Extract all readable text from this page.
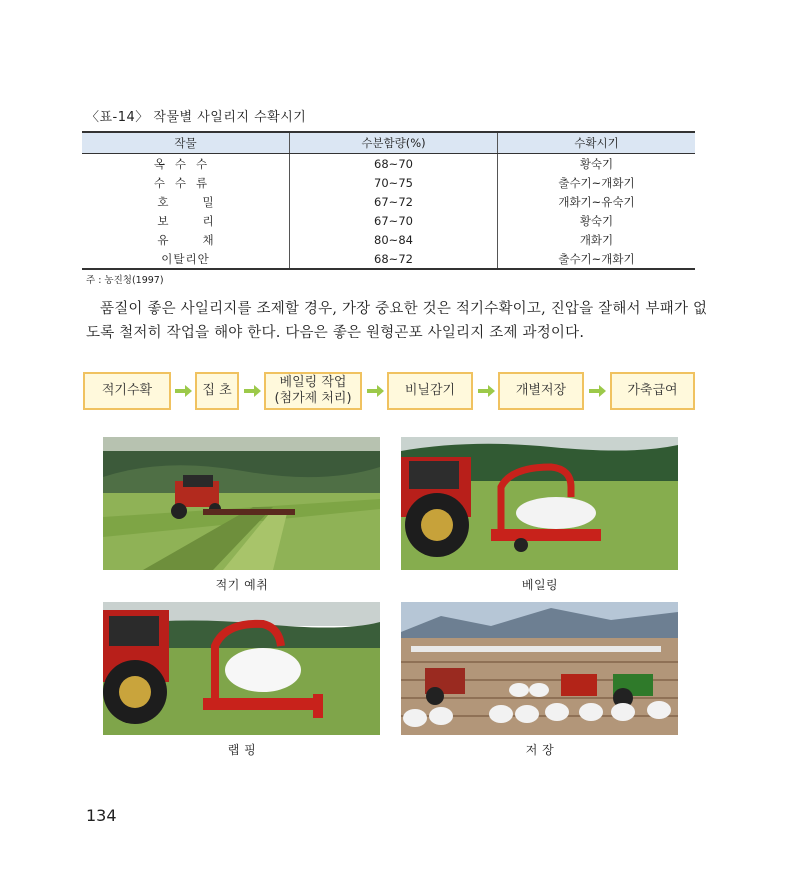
〈표-14〉 작물별 사일리지 수확시기
작물	수분함량(%)	수확시기
옥수수	68~70	황숙기
수수류	70~75	출수기~개화기
호밀	67~72	개화기~유숙기
보리	67~70	황숙기
유채	80~84	개화기
이탈리안	68~72	출수기~개화기
주 : 농진청(1997)

품질이 좋은 사일리지를 조제할 경우, 가장 중요한 것은 적기수확이고, 진압을 잘해서 부패가 없도록 철저히 작업을 해야 한다. 다음은 좋은 원형곤포 사일리지 조제 과정이다.

적기수확	집 초
베일링 작업
(첨가제 처리)
비닐감기	개별저장	가축급여
적기 예취	베일링
랩 핑	저 장
134
